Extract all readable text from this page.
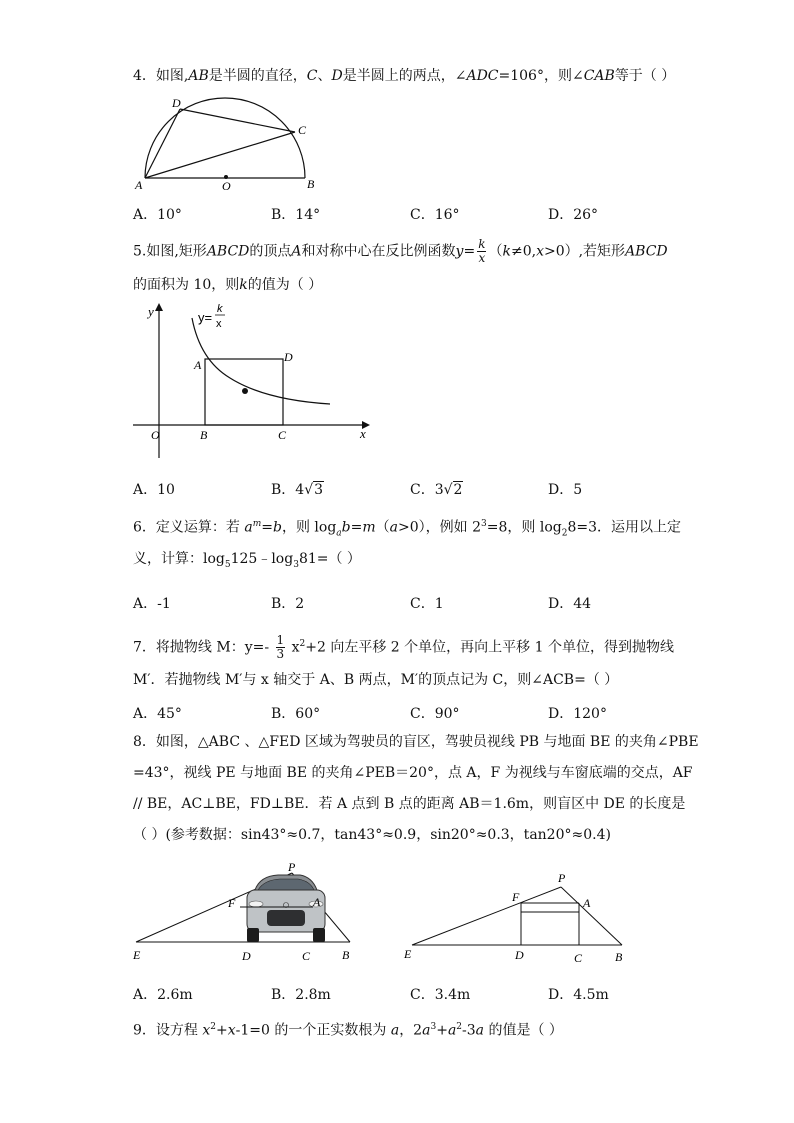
4．如图,AB是半圆的直径，C、D是半圆上的两点，∠ADC=106°，则∠CAB等于（ ）
D
C
A	O	B
A．10°	B．14°	C．16°	D．26°
5.如图,矩形ABCD的顶点A和对称中心在反比例函数$y= \frac{k}{x} (k\ne 0,x>0)$,若矩形ABCD
的面积为 10，则k的值为（ ）
y
x
y=
k
x
A
D
O	B	C
A．10	B．4√3	C．3√2	D．5
6．定义运算：若 $a^m=b$，则 $\log_ab=m(a>0)$，例如 $2^3=8$，则 $\log_28=3$．运用以上定
义，计算：$\log_5125﹣\log_381=$（ ）
A．-1	B．2	C．1	D．44
7．将抛物线 M：$y=- \frac{1}{3} x^2+2$ 向左平移 2 个单位，再向上平移 1 个单位，得到抛物线
M′．若抛物线 M′与 x 轴交于 A、B 两点，M′的顶点记为 C，则∠ACB=（ ）
A．45°	B．60°	C．90°	D．120°
8．如图，△ABC 、△FED 区域为驾驶员的盲区，驾驶员视线 PB 与地面 BE 的夹角∠PBE
=43°，视线 PE 与地面 BE 的夹角∠PEB＝20°，点 A，F 为视线与车窗底端的交点，AF
// BE，AC⊥BE，FD⊥BE．若 A 点到 B 点的距离 AB＝1.6m，则盲区中 DE 的长度是
（ ）(参考数据：sin43°≈0.7，tan43°≈0.9，sin20°≈0.3，tan20°≈0.4)
P
F	A
E	D	C	B
P
F	A
E	D	C	B
A．2.6m	B．2.8m	C．3.4m	D．4.5m
9．设方程 $x^2+x-1=0$ 的一个正实数根为 a，$2a^3+a^2-3a$ 的值是（ ）
